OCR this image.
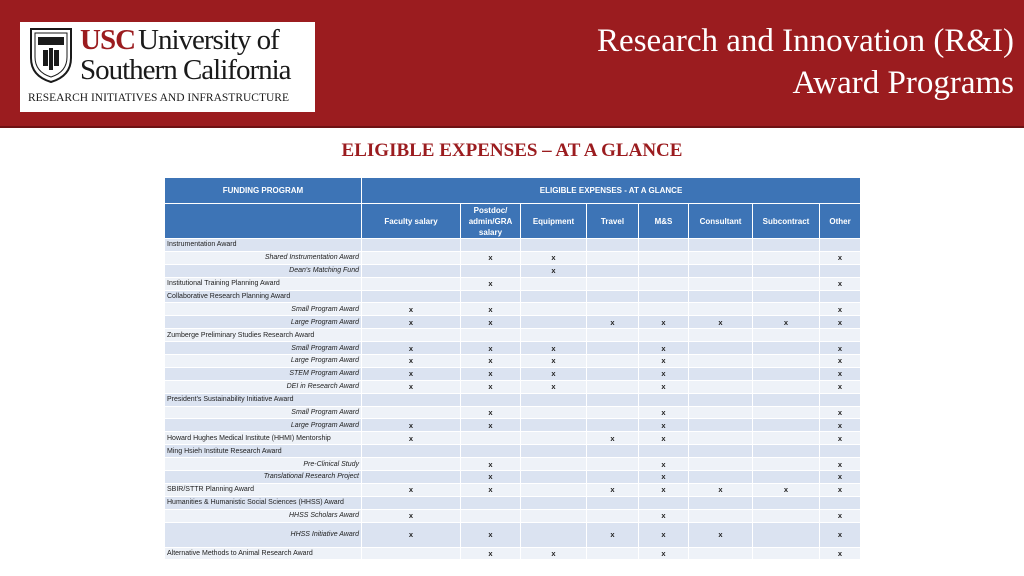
USC University of
Southern California
RESEARCH INITIATIVES AND INFRASTRUCTURE
Research and Innovation (R&I)
Award Programs
ELIGIBLE EXPENSES – AT A GLANCE
FUNDING PROGRAM	ELIGIBLE EXPENSES - AT A GLANCE							
	Faculty salary	Postdoc/ admin/GRA salary	Equipment	Travel	M&S	Consultant	Subcontract	Other
Instrumentation Award								
Shared Instrumentation Award		x	x					x
Dean's Matching Fund			x					
Institutional Training Planning Award		x						x
Collaborative Research Planning Award								
Small Program Award	x	x						x
Large Program Award	x	x		x	x	x	x	x
Zumberge Preliminary Studies Research Award								
Small Program Award	x	x	x		x			x
Large Program Award	x	x	x		x			x
STEM Program Award	x	x	x		x			x
DEI in Research Award	x	x	x		x			x
President's Sustainability Initiative Award								
Small Program Award		x			x			x
Large Program Award	x	x			x			x
Howard Hughes Medical Institute (HHMI) Mentorship	x			x	x			x
Ming Hsieh Institute Research Award								
Pre-Clinical Study		x			x			x
Translational Research Project		x			x			x
SBIR/STTR Planning Award	x	x		x	x	x	x	x
Humanities & Humanistic Social Sciences (HHSS) Award								
HHSS Scholars Award	x				x			x
HHSS Initiative Award	x	x		x	x	x		x
Alternative Methods to Animal Research Award		x	x		x			x
